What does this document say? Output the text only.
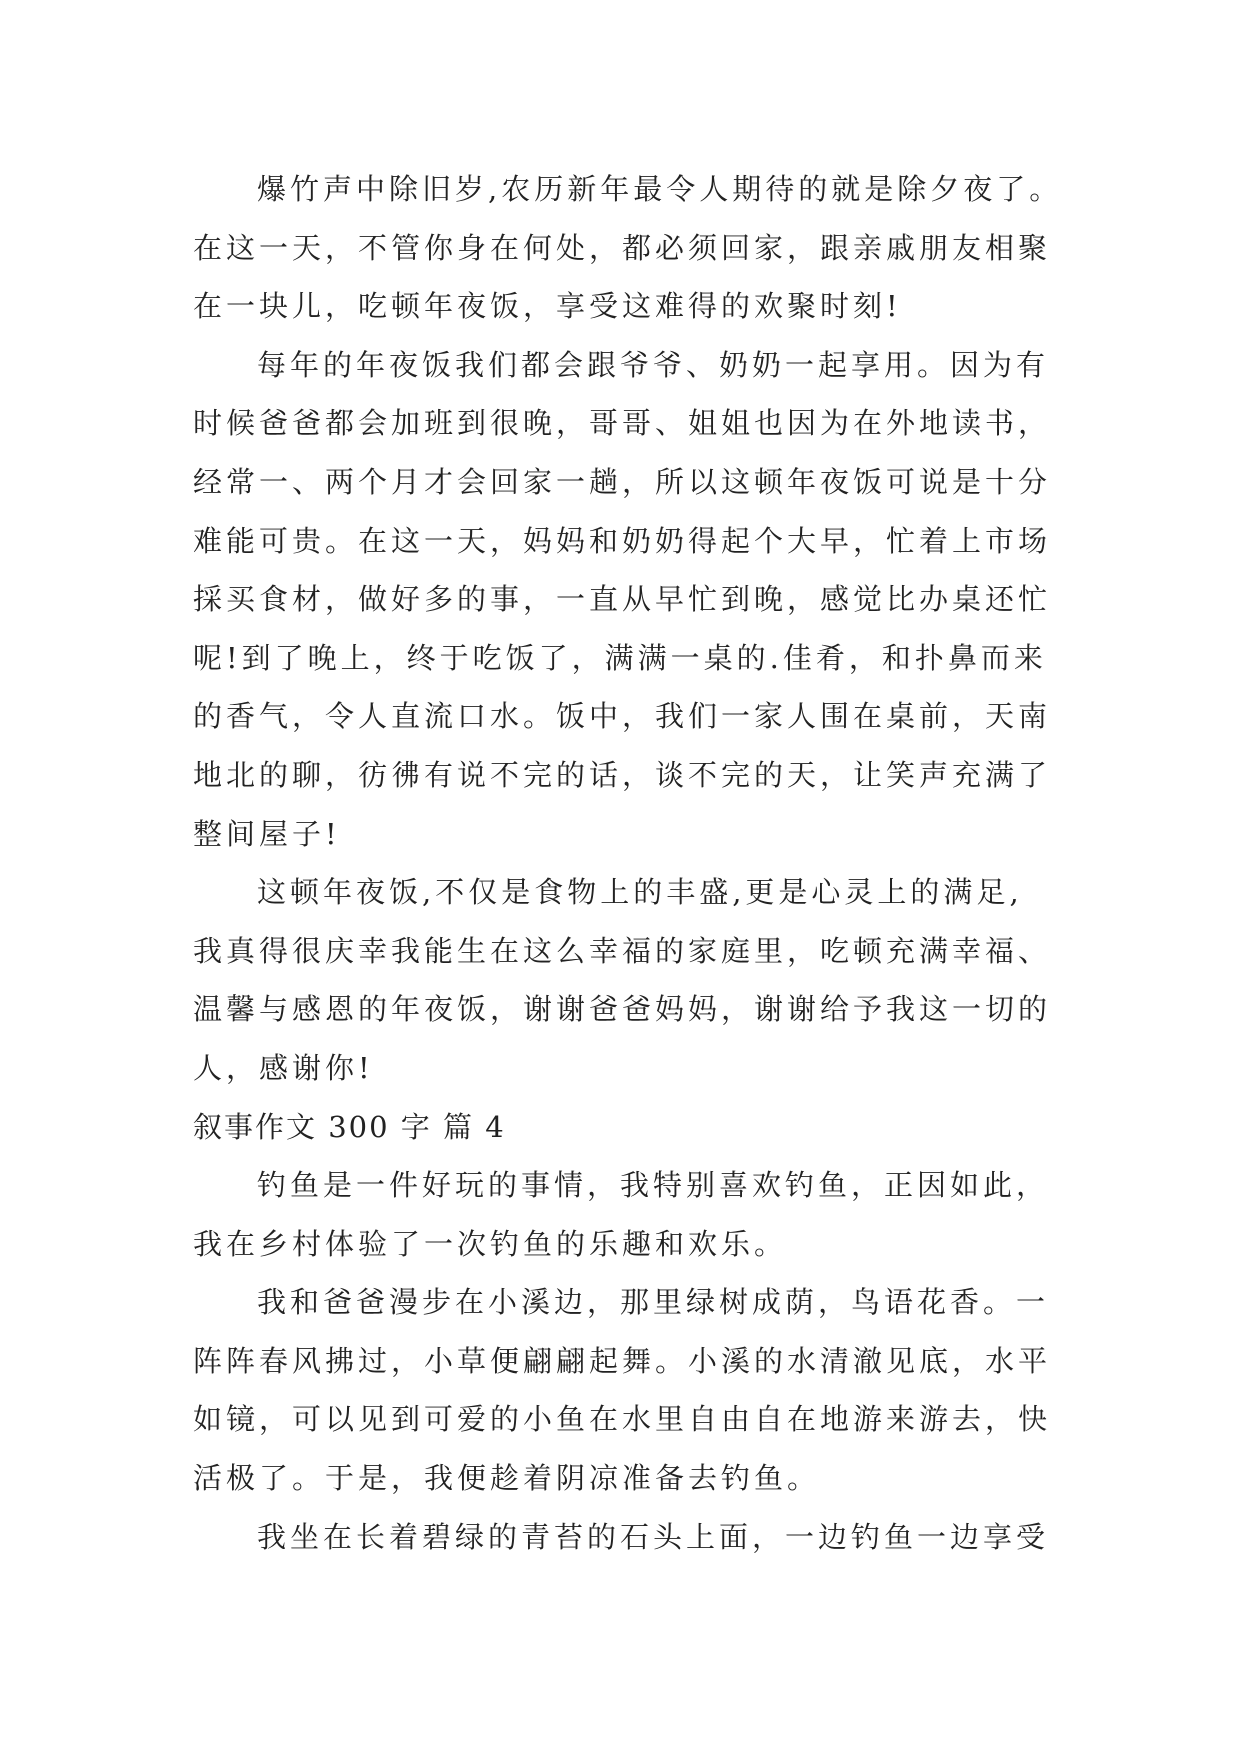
爆竹声中除旧岁,农历新年最令人期待的就是除夕夜了。
在这一天，不管你身在何处，都必须回家，跟亲戚朋友相聚
在一块儿，吃顿年夜饭，享受这难得的欢聚时刻!
每年的年夜饭我们都会跟爷爷、奶奶一起享用。因为有
时候爸爸都会加班到很晚，哥哥、姐姐也因为在外地读书，
经常一、两个月才会回家一趟，所以这顿年夜饭可说是十分
难能可贵。在这一天，妈妈和奶奶得起个大早，忙着上市场
採买食材，做好多的事，一直从早忙到晚，感觉比办桌还忙
呢!到了晚上，终于吃饭了，满满一桌的.佳肴，和扑鼻而来
的香气，令人直流口水。饭中，我们一家人围在桌前，天南
地北的聊，彷彿有说不完的话，谈不完的天，让笑声充满了
整间屋子!
这顿年夜饭,不仅是食物上的丰盛,更是心灵上的满足,
我真得很庆幸我能生在这么幸福的家庭里，吃顿充满幸福、
温馨与感恩的年夜饭，谢谢爸爸妈妈，谢谢给予我这一切的
人，感谢你!
叙事作文 300 字 篇 4
钓鱼是一件好玩的事情，我特别喜欢钓鱼，正因如此，
我在乡村体验了一次钓鱼的乐趣和欢乐。
我和爸爸漫步在小溪边，那里绿树成荫，鸟语花香。一
阵阵春风拂过，小草便翩翩起舞。小溪的水清澈见底，水平
如镜，可以见到可爱的小鱼在水里自由自在地游来游去，快
活极了。于是，我便趁着阴凉准备去钓鱼。
我坐在长着碧绿的青苔的石头上面，一边钓鱼一边享受
